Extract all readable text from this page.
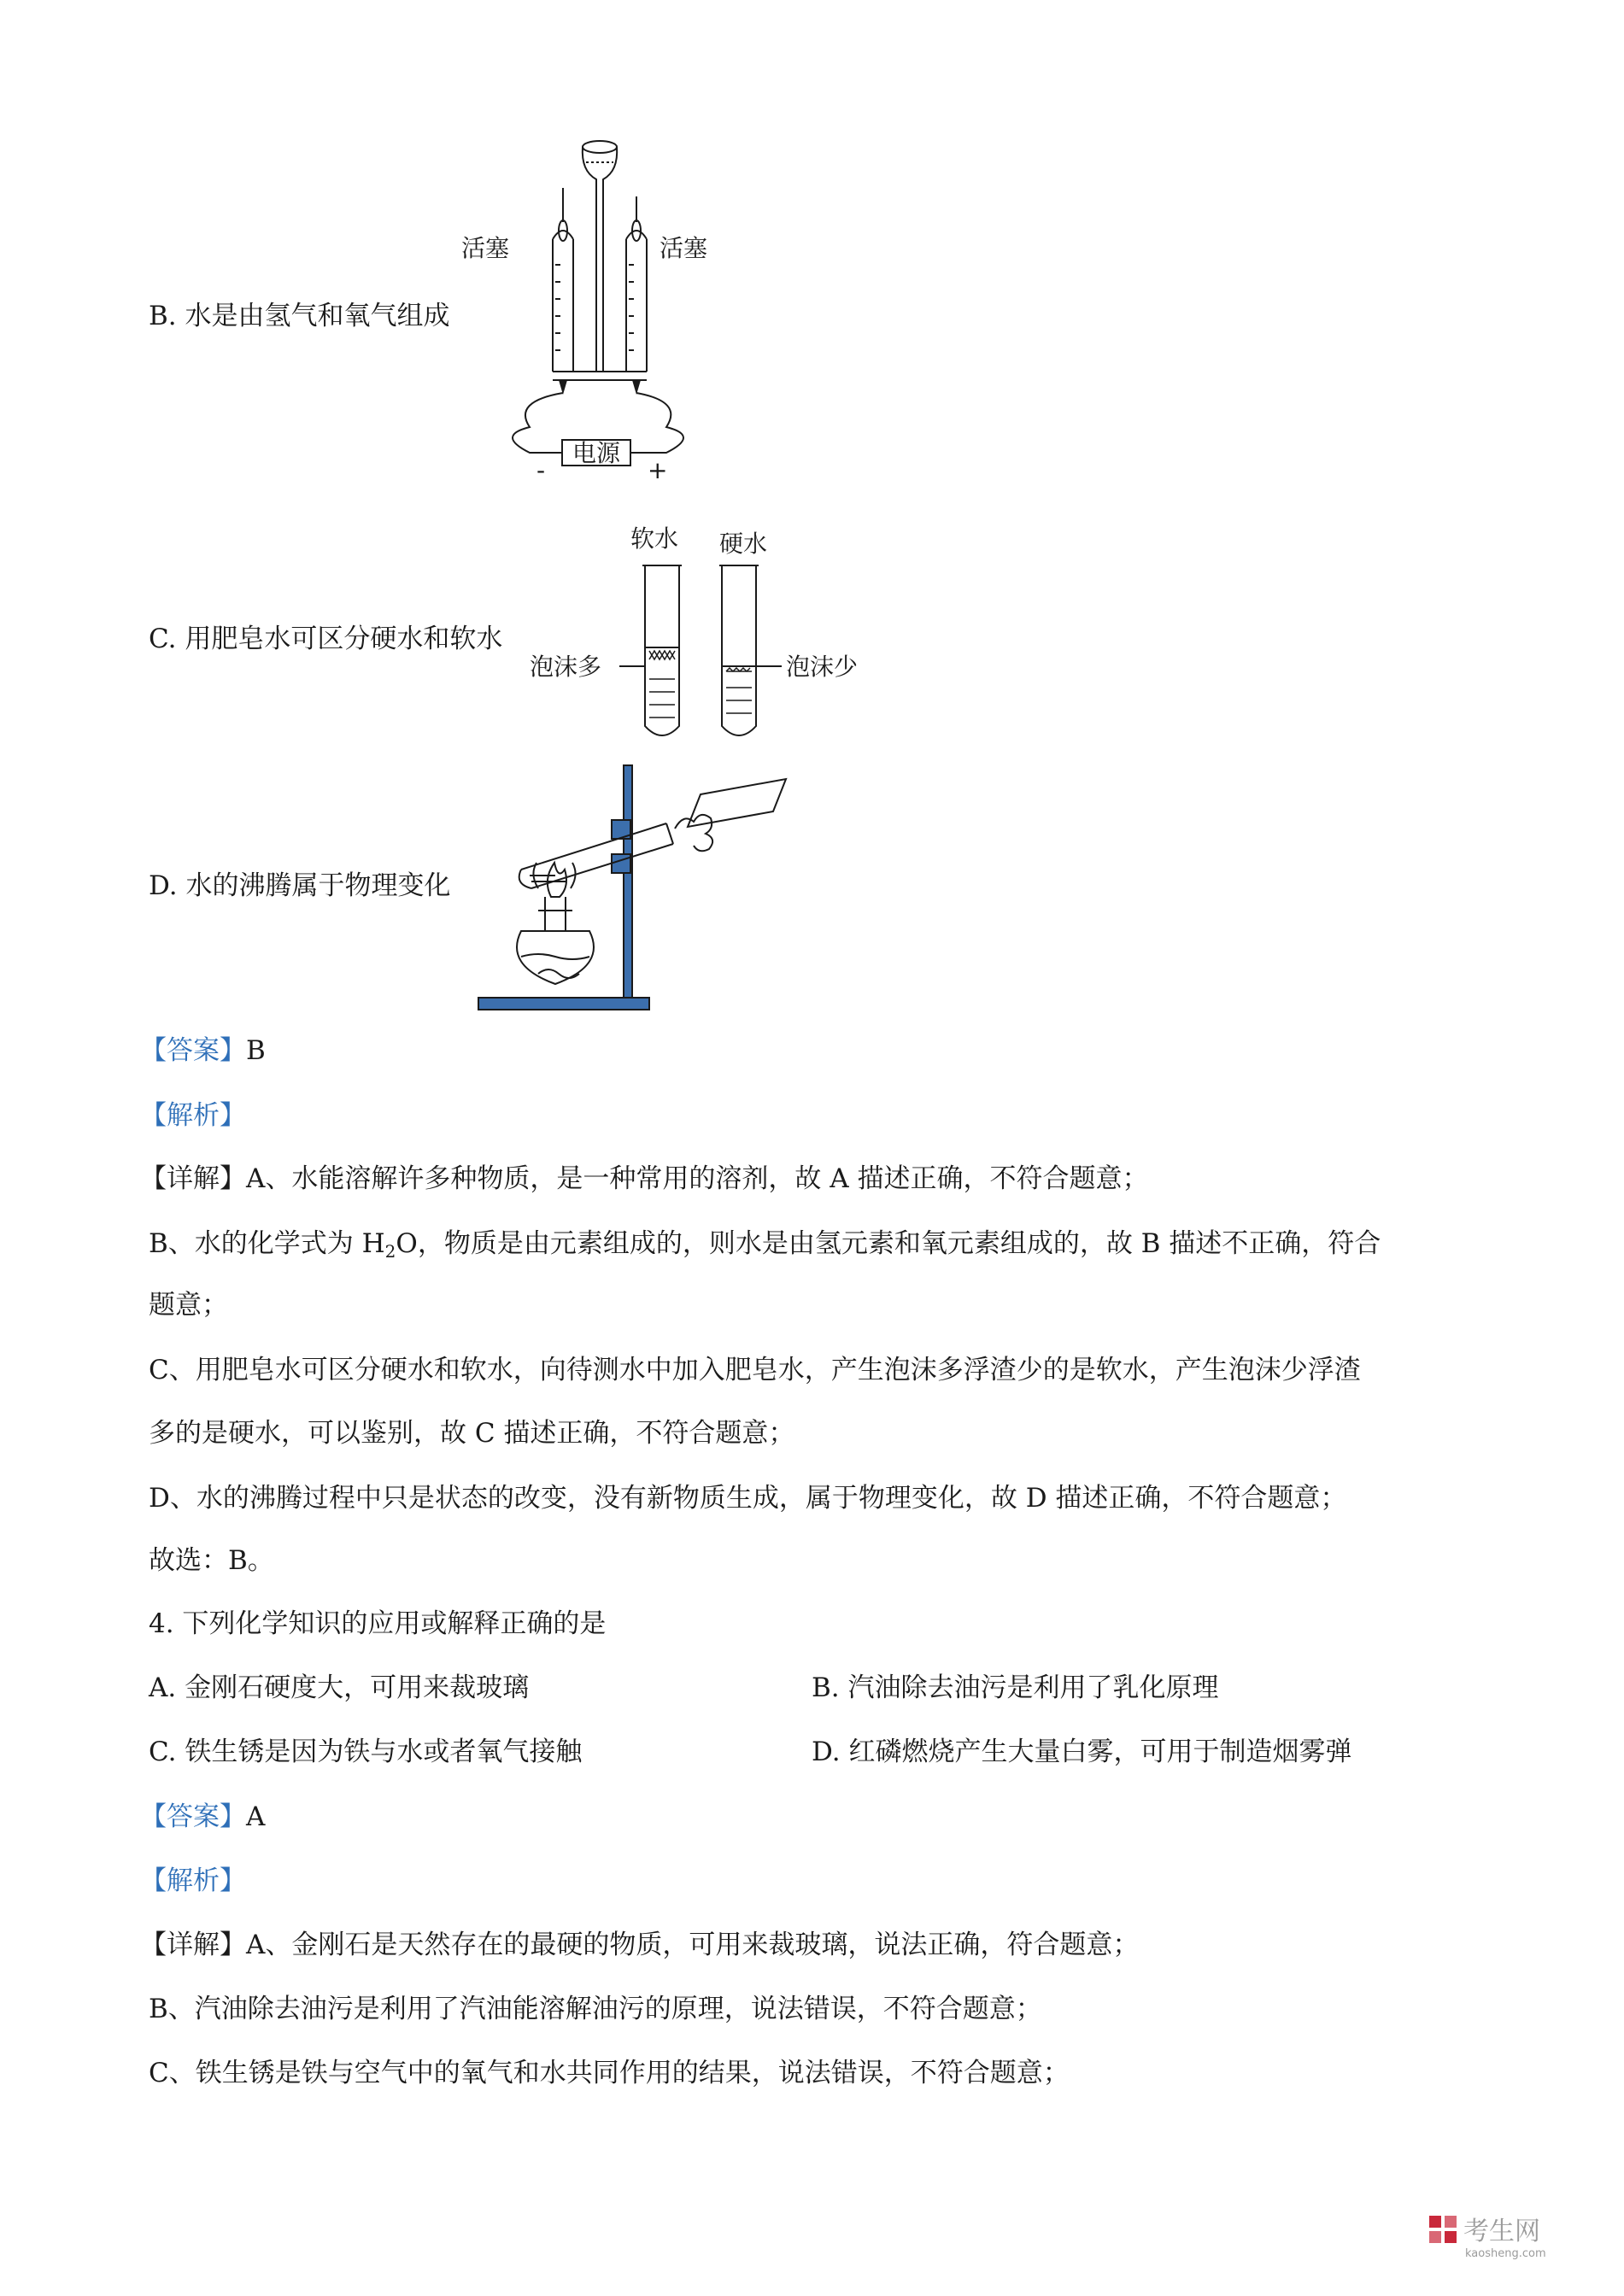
B. 水是由氢气和氧气组成
活塞	活塞
电源
-	+
C. 用肥皂水可区分硬水和软水
软水 硬水
泡沫多	泡沫少
D. 水的沸腾属于物理变化
【答案】B
【解析】
【详解】A、水能溶解许多种物质，是一种常用的溶剂，故 A 描述正确，不符合题意；
B、水的化学式为 $H_2O$，物质是由元素组成的，则水是由氢元素和氧元素组成的，故 B 描述不正确，符合
题意；
C、用肥皂水可区分硬水和软水，向待测水中加入肥皂水，产生泡沫多浮渣少的是软水，产生泡沫少浮渣
多的是硬水，可以鉴别，故 C 描述正确，不符合题意；
D、水的沸腾过程中只是状态的改变，没有新物质生成，属于物理变化，故 D 描述正确，不符合题意；
故选：B。
4. 下列化学知识的应用或解释正确的是
A. 金刚石硬度大，可用来裁玻璃	B. 汽油除去油污是利用了乳化原理
C. 铁生锈是因为铁与水或者氧气接触	D. 红磷燃烧产生大量白雾，可用于制造烟雾弹
【答案】A
【解析】
【详解】A、金刚石是天然存在的最硬的物质，可用来裁玻璃，说法正确，符合题意；
B、汽油除去油污是利用了汽油能溶解油污的原理，说法错误，不符合题意；
C、铁生锈是铁与空气中的氧气和水共同作用的结果，说法错误，不符合题意；
考生网
kaosheng.com
